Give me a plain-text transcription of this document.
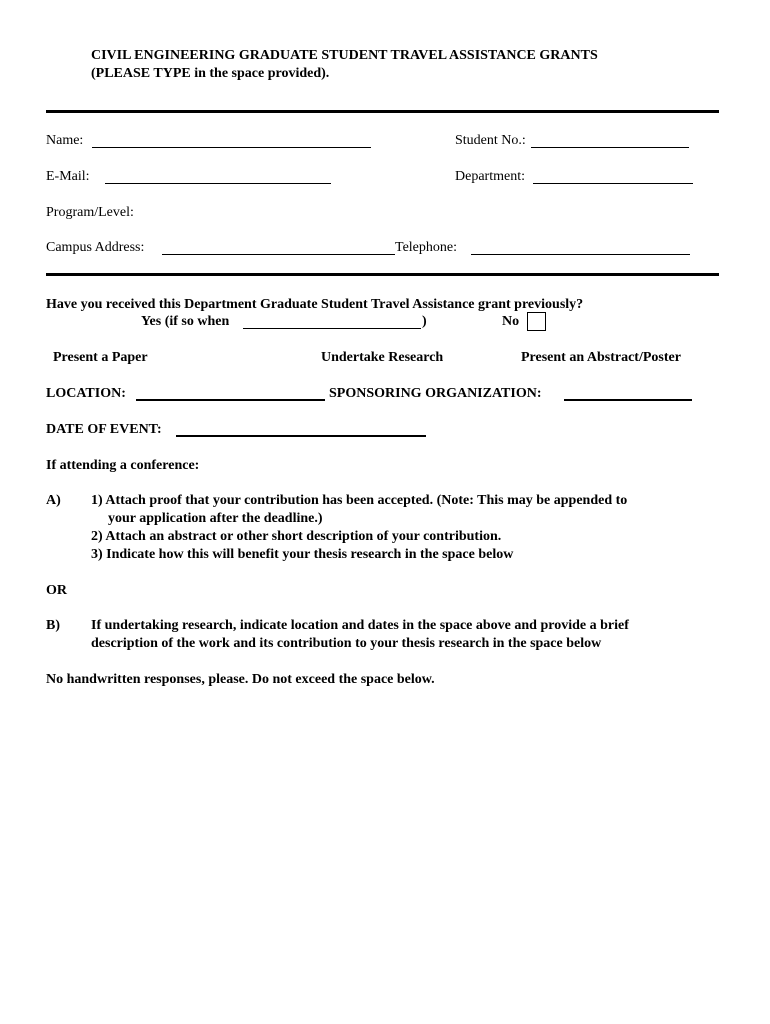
CIVIL ENGINEERING GRADUATE STUDENT TRAVEL ASSISTANCE GRANTS
(PLEASE TYPE in the space provided).
Name:	Student No.:
E-Mail:	Department:
Program/Level:
Campus Address:	Telephone:
Have you received this Department Graduate Student Travel Assistance grant previously?
Yes (if so when	)	No
Present a Paper	Undertake Research	Present an Abstract/Poster
LOCATION:	SPONSORING ORGANIZATION:
DATE OF EVENT:
If attending a conference:
A) 1) Attach proof that your contribution has been accepted. (Note: This may be appended to
your application after the deadline.)
2) Attach an abstract or other short description of your contribution.
3) Indicate how this will benefit your thesis research in the space below
OR
B) If undertaking research, indicate location and dates in the space above and provide a brief
description of the work and its contribution to your thesis research in the space below
No handwritten responses, please. Do not exceed the space below.
